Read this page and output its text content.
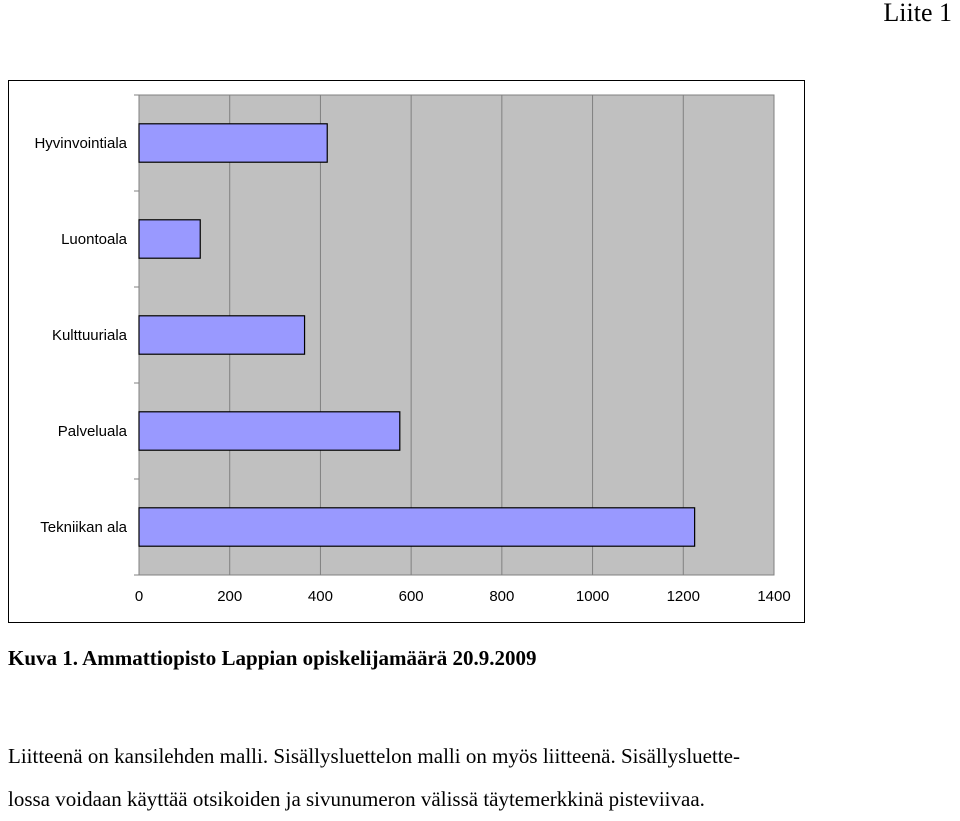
Liite 1
Hyvinvointiala
Luontoala
Kulttuuriala
Palveluala
Tekniikan ala
0	200	400	600	800	1000	1200	1400
Kuva 1. Ammattiopisto Lappian opiskelijamäärä 20.9.2009
Liitteenä on kansilehden malli. Sisällysluettelon malli on myös liitteenä. Sisällysluette-
lossa voidaan käyttää otsikoiden ja sivunumeron välissä täytemerkkinä pisteviivaa.
